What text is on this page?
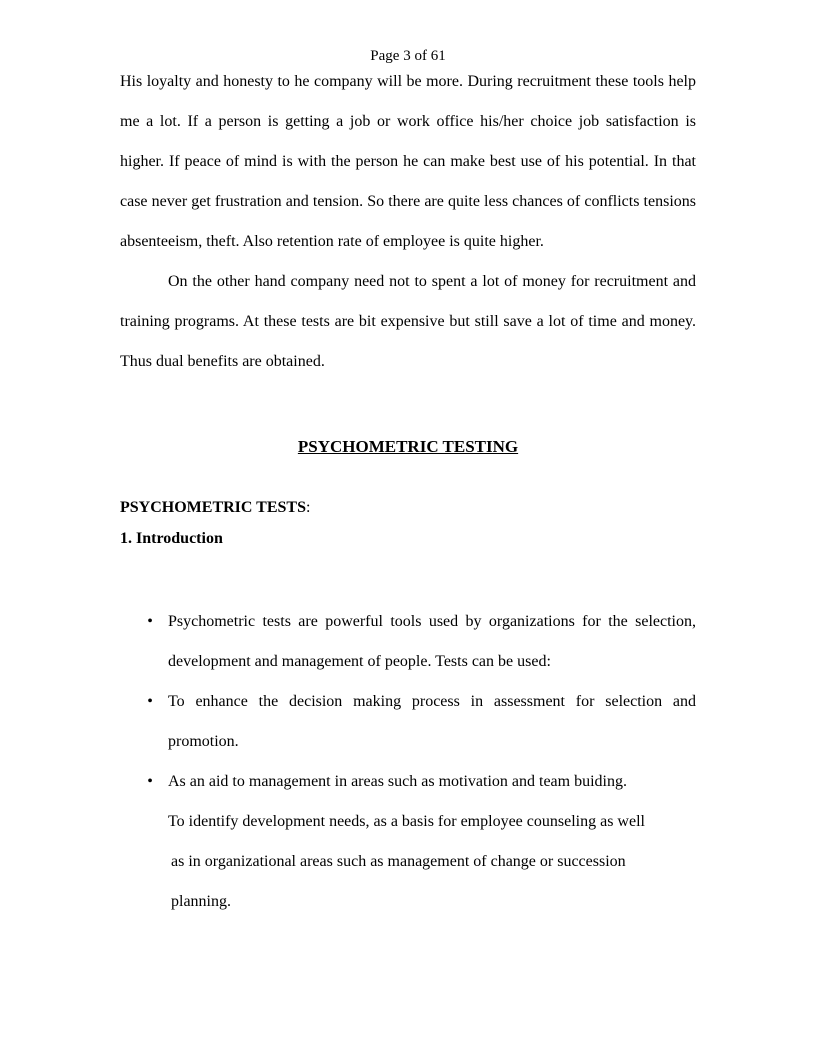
Page 3 of 61

His loyalty and honesty to he company will be more. During recruitment these tools help me a lot. If a person is getting a job or work office his/her choice job satisfaction is higher. If peace of mind is with the person he can make best use of his potential. In that case never get frustration and tension. So there are quite less chances of conflicts tensions absenteeism, theft. Also retention rate of employee is quite higher.

On the other hand company need not to spent a lot of money for recruitment and training programs. At these tests are bit expensive but still save a lot of time and money. Thus dual benefits are obtained.

PSYCHOMETRIC TESTING
PSYCHOMETRIC TESTS:
1. Introduction
• Psychometric tests are powerful tools used by organizations for the selection, development and management of people. Tests can be used:
• To enhance the decision making process in assessment for selection and promotion.
• As an aid to management in areas such as motivation and team buiding.
To identify development needs, as a basis for employee counseling as well
as in organizational areas such as management of change or succession
planning.
